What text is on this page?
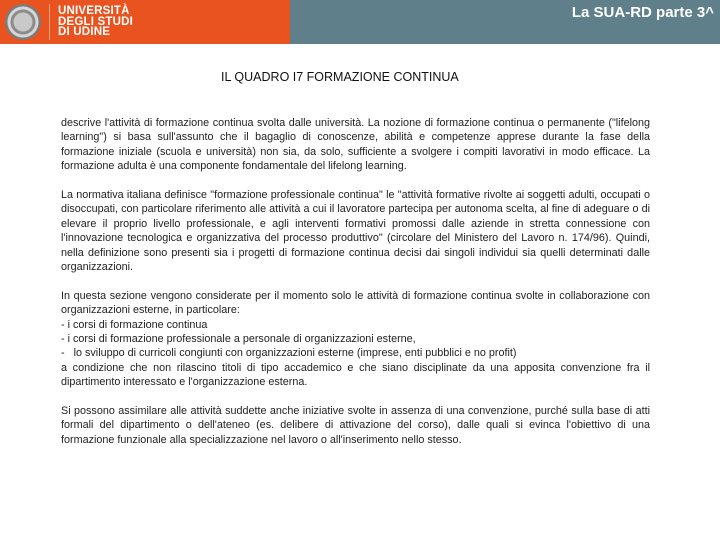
UNIVERSITÀ
DEGLI STUDI
DI UDINE
La SUA-RD parte 3^
IL QUADRO I7 FORMAZIONE CONTINUA

descrive l'attività di formazione continua svolta dalle università. La nozione di formazione continua o permanente ("lifelong learning") si basa sull'assunto che il bagaglio di conoscenze, abilità e competenze apprese durante la fase della formazione iniziale (scuola e università) non sia, da solo, sufficiente a svolgere i compiti lavorativi in modo efficace. La formazione adulta è una componente fondamentale del lifelong learning.

La normativa italiana definisce "formazione professionale continua" le "attività formative rivolte ai soggetti adulti, occupati o disoccupati, con particolare riferimento alle attività a cui il lavoratore partecipa per autonoma scelta, al fine di adeguare o di elevare il proprio livello professionale, e agli interventi formativi promossi dalle aziende in stretta connessione con l'innovazione tecnologica e organizzativa del processo produttivo" (circolare del Ministero del Lavoro n. 174/96). Quindi, nella definizione sono presenti sia i progetti di formazione continua decisi dai singoli individui sia quelli determinati dalle organizzazioni.

In questa sezione vengono considerate per il momento solo le attività di formazione continua svolte in collaborazione con organizzazioni esterne, in particolare:
- i corsi di formazione continua
- i corsi di formazione professionale a personale di organizzazioni esterne,
-   lo sviluppo di curricoli congiunti con organizzazioni esterne (imprese, enti pubblici e no profit)
a condizione che non rilascino titoli di tipo accademico e che siano disciplinate da una apposita convenzione fra il dipartimento interessato e l'organizzazione esterna.

Si possono assimilare alle attività suddette anche iniziative svolte in assenza di una convenzione, purché sulla base di atti formali del dipartimento o dell'ateneo (es. delibere di attivazione del corso), dalle quali si evinca l'obiettivo di una formazione funzionale alla specializzazione nel lavoro o all'inserimento nello stesso.
